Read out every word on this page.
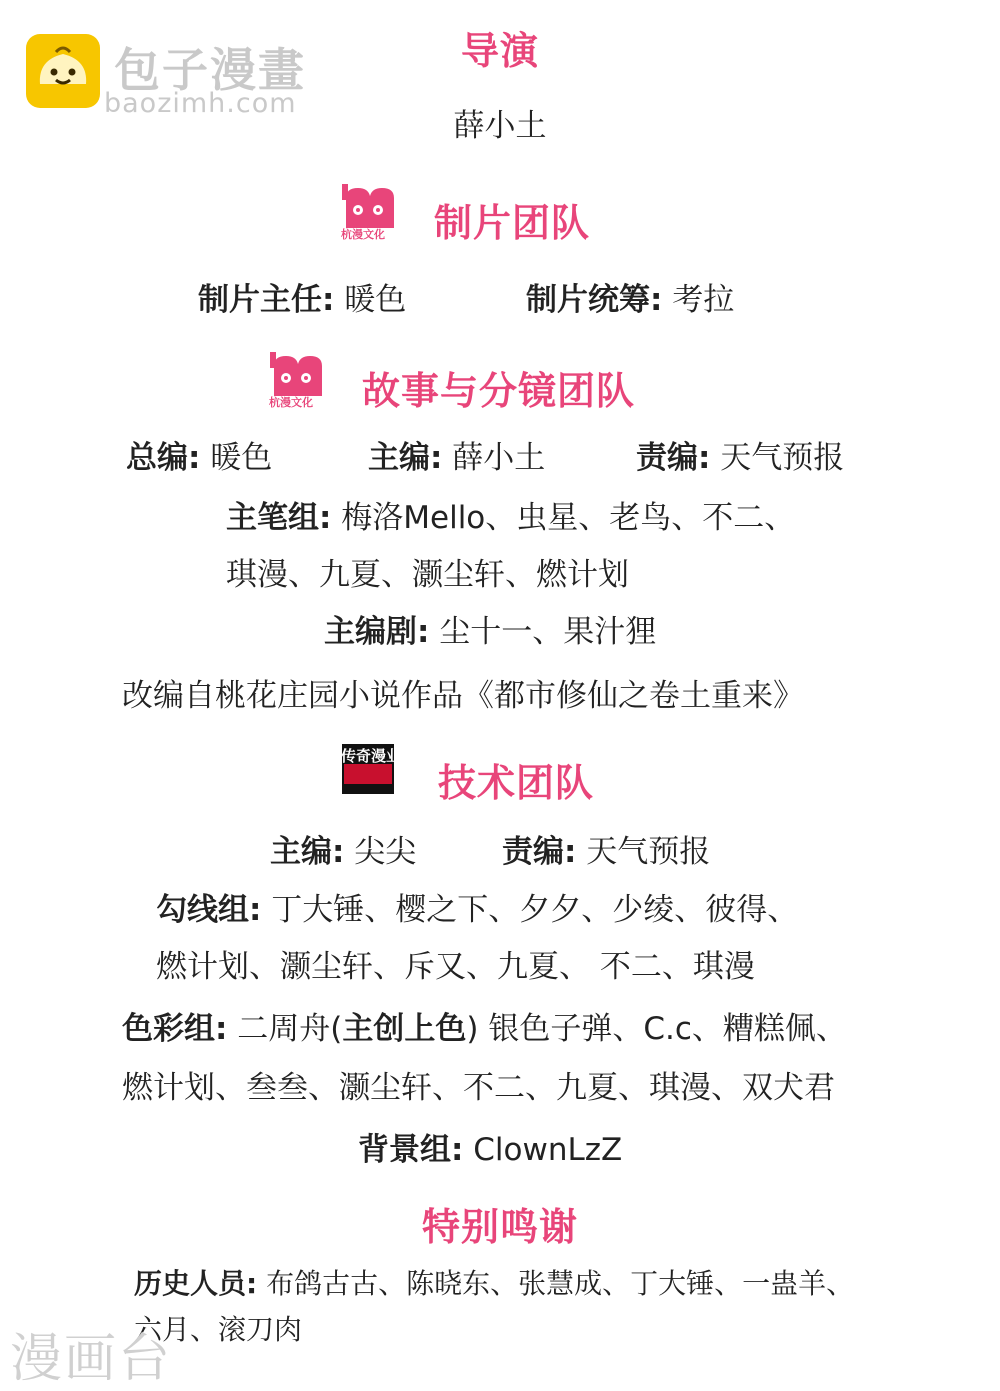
包子漫畫
baozimh.com
导演
薛小土
杭漫文化 制片团队
制片主任: 暖色	制片统筹: 考拉
杭漫文化 故事与分镜团队
总编: 暖色	主编: 薛小土	责编: 天气预报
主笔组: 梅洛Mello、虫星、老鸟、不二、
琪漫、九夏、灏尘轩、燃计划
主编剧: 尘十一、果汁狸
改编自桃花庄园小说作品《都市修仙之卷土重来》
传奇漫业
技术团队
主编: 尖尖	责编: 天气预报
勾线组: 丁大锤、樱之下、夕夕、少绫、彼得、
燃计划、灏尘轩、斥又、九夏、 不二、琪漫
色彩组: 二周舟(主创上色) 银色子弹、C.c、糟糕佩、
燃计划、叁叁、灏尘轩、不二、九夏、琪漫、双犬君
背景组: ClownLzZ
特别鸣谢
历史人员: 布鸽古古、陈晓东、张慧成、丁大锤、一蛊羊、
六月、滚刀肉
漫画台
